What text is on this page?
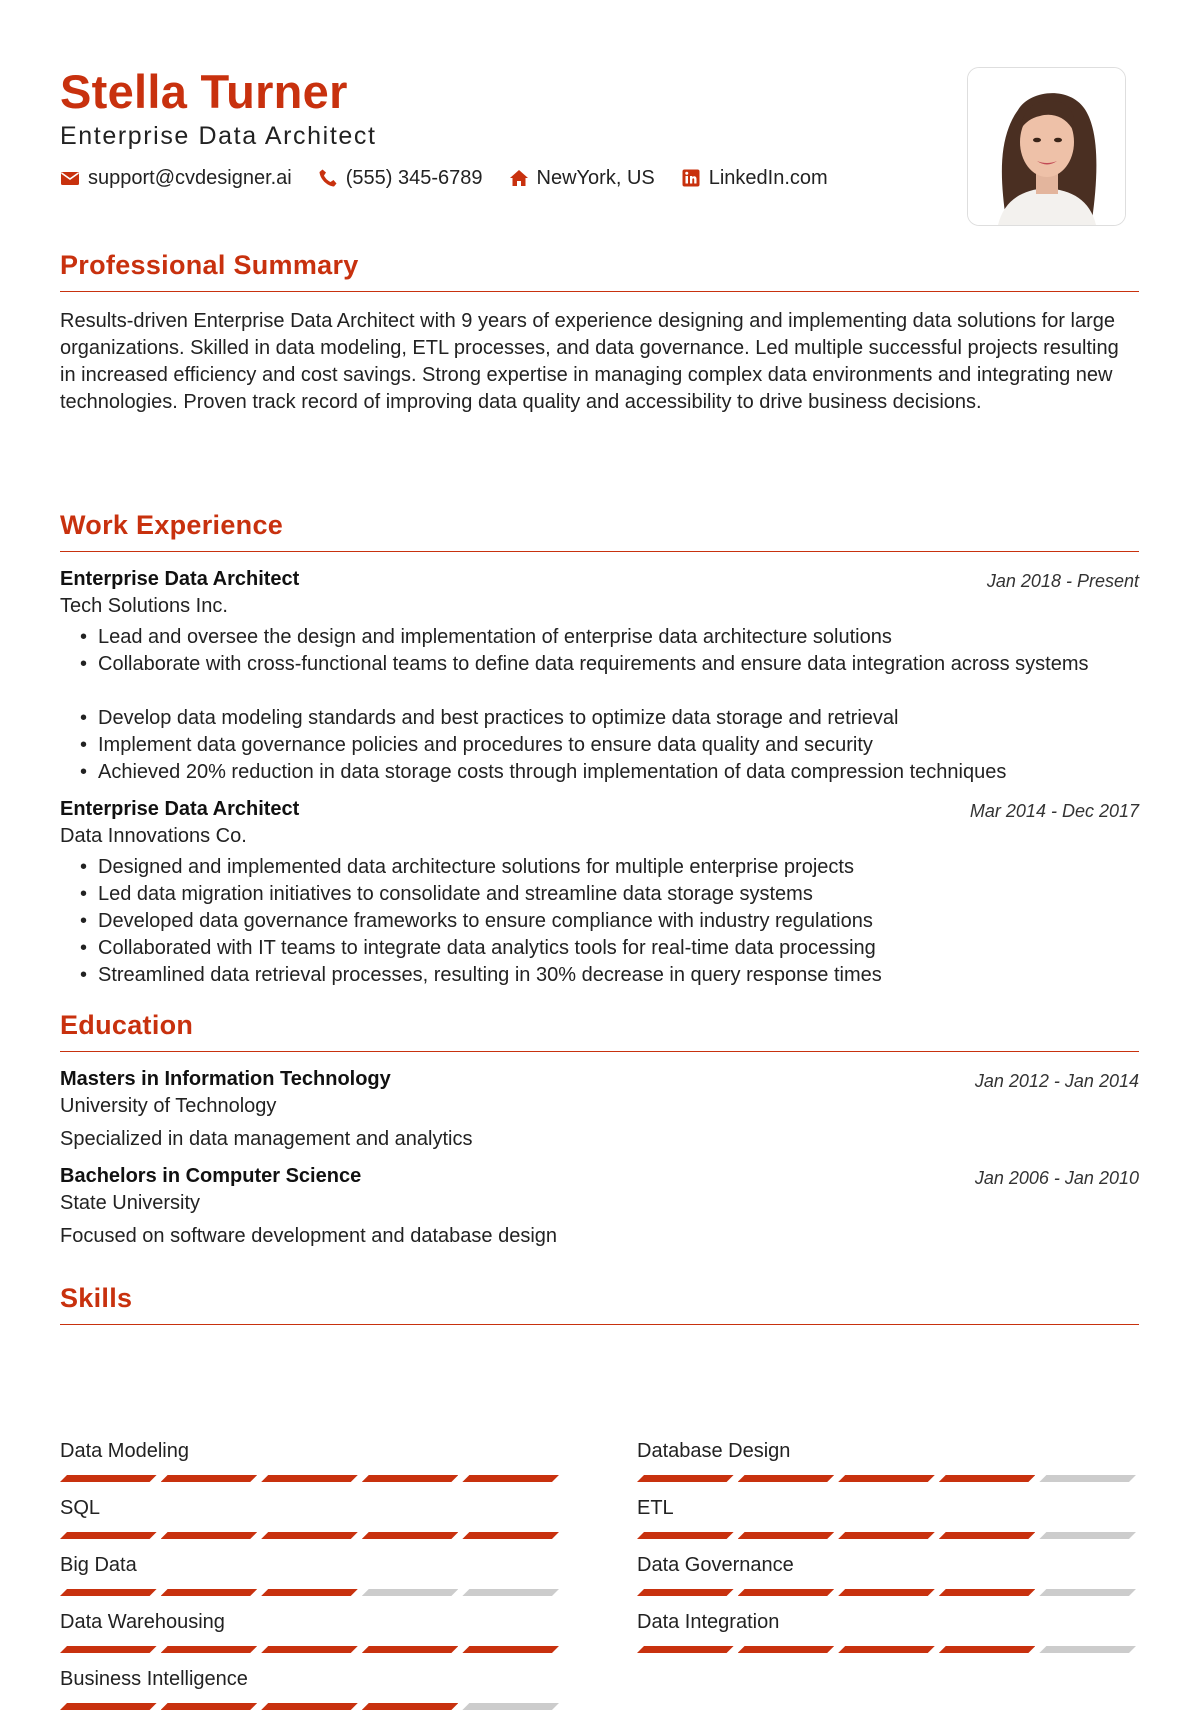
Stella Turner
Enterprise Data Architect
support@cvdesigner.ai	(555) 345-6789	NewYork, US	LinkedIn.com
Professional Summary
Results-driven Enterprise Data Architect with 9 years of experience designing and implementing data solutions for large organizations. Skilled in data modeling, ETL processes, and data governance. Led multiple successful projects resulting in increased efficiency and cost savings. Strong expertise in managing complex data environments and integrating new technologies. Proven track record of improving data quality and accessibility to drive business decisions.
Work Experience
Enterprise Data Architect	Jan 2018 - Present
Tech Solutions Inc.
• Lead and oversee the design and implementation of enterprise data architecture solutions
• Collaborate with cross-functional teams to define data requirements and ensure data integration across systems
• Develop data modeling standards and best practices to optimize data storage and retrieval
• Implement data governance policies and procedures to ensure data quality and security
• Achieved 20% reduction in data storage costs through implementation of data compression techniques
Enterprise Data Architect	Mar 2014 - Dec 2017
Data Innovations Co.
• Designed and implemented data architecture solutions for multiple enterprise projects
• Led data migration initiatives to consolidate and streamline data storage systems
• Developed data governance frameworks to ensure compliance with industry regulations
• Collaborated with IT teams to integrate data analytics tools for real-time data processing
• Streamlined data retrieval processes, resulting in 30% decrease in query response times
Education
Masters in Information Technology	Jan 2012 - Jan 2014
University of Technology
Specialized in data management and analytics
Bachelors in Computer Science	Jan 2006 - Jan 2010
State University
Focused on software development and database design
Skills
Data Modeling	Database Design
SQL	ETL
Big Data	Data Governance
Data Warehousing	Data Integration
Business Intelligence
